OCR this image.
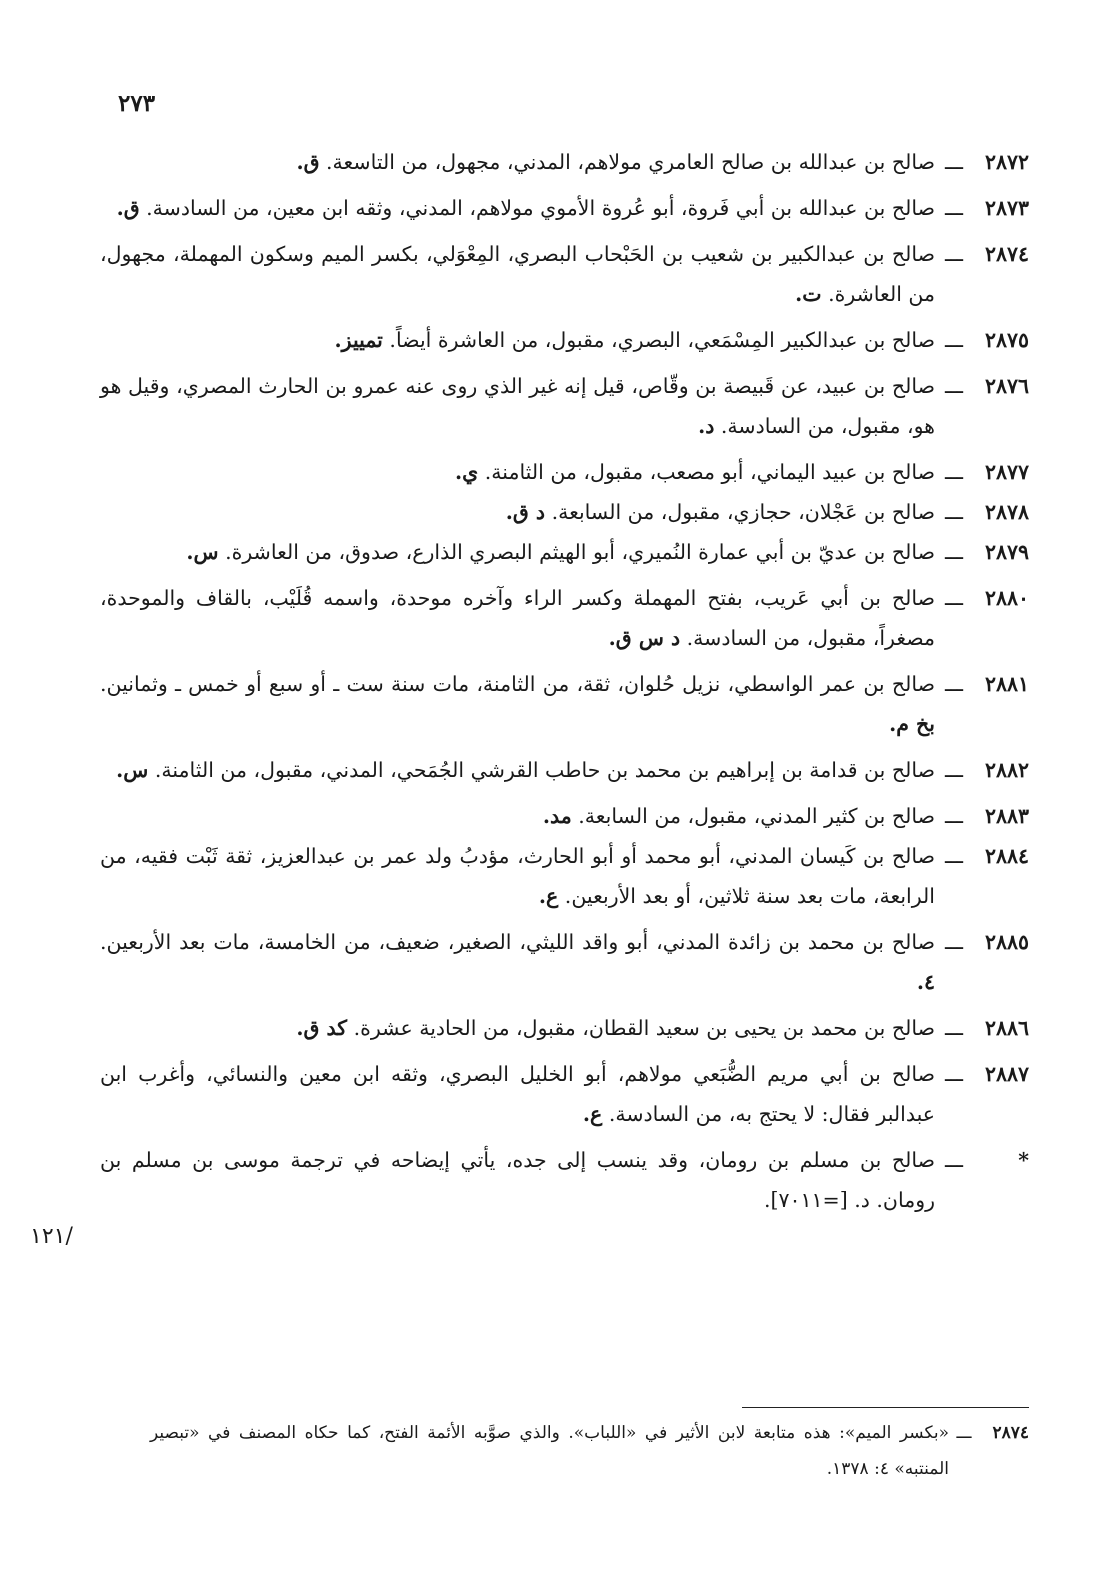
٢٧٣
١٢١/
٢٨٧٢
ـــ
صالح بن عبدالله بن صالح العامري مولاهم، المدني، مجهول، من التاسعة. ق.
٢٨٧٣
ـــ
صالح بن عبدالله بن أبي فَروة، أبو عُروة الأموي مولاهم، المدني، وثقه ابن معين، من السادسة. ق.
٢٨٧٤
ـــ
صالح بن عبدالكبير بن شعيب بن الحَبْحاب البصري، المِعْوَلي، بكسر الميم وسكون المهملة، مجهول، من العاشرة. ت.
٢٨٧٥
ـــ
صالح بن عبدالكبير المِسْمَعي، البصري، مقبول، من العاشرة أيضاً. تمييز.
٢٨٧٦
ـــ
صالح بن عبيد، عن قَبيصة بن وقّاص، قيل إنه غير الذي روى عنه عمرو بن الحارث المصري، وقيل هو هو، مقبول، من السادسة. د.
٢٨٧٧
ـــ
صالح بن عبيد اليماني، أبو مصعب، مقبول، من الثامنة. ي.
٢٨٧٨
ـــ
صالح بن عَجْلان، حجازي، مقبول، من السابعة. د ق.
٢٨٧٩
ـــ
صالح بن عديّ بن أبي عمارة النُميري، أبو الهيثم البصري الذارع، صدوق، من العاشرة. س.
٢٨٨٠
ـــ
صالح بن أبي عَريب، بفتح المهملة وكسر الراء وآخره موحدة، واسمه قُلَيْب، بالقاف والموحدة، مصغراً، مقبول، من السادسة. د س ق.
٢٨٨١
ـــ
صالح بن عمر الواسطي، نزيل حُلوان، ثقة، من الثامنة، مات سنة ست ـ أو سبع أو خمس ـ وثمانين. بخ م.
٢٨٨٢
ـــ
صالح بن قدامة بن إبراهيم بن محمد بن حاطب القرشي الجُمَحي، المدني، مقبول، من الثامنة. س.
٢٨٨٣
ـــ
صالح بن كثير المدني، مقبول، من السابعة. مد.
٢٨٨٤
ـــ
صالح بن كَيسان المدني، أبو محمد أو أبو الحارث، مؤدبُ ولد عمر بن عبدالعزيز، ثقة ثَبْت فقيه، من الرابعة، مات بعد سنة ثلاثين، أو بعد الأربعين. ع.
٢٨٨٥
ـــ
صالح بن محمد بن زائدة المدني، أبو واقد الليثي، الصغير، ضعيف، من الخامسة، مات بعد الأربعين. ٤.
٢٨٨٦
ـــ
صالح بن محمد بن يحيى بن سعيد القطان، مقبول، من الحادية عشرة. كد ق.
٢٨٨٧
ـــ
صالح بن أبي مريم الضُّبَعي مولاهم، أبو الخليل البصري، وثقه ابن معين والنسائي، وأغرب ابن عبدالبر فقال: لا يحتج به، من السادسة. ع.
*
ـــ
صالح بن مسلم بن رومان، وقد ينسب إلى جده، يأتي إيضاحه في ترجمة موسى بن مسلم بن رومان. د. [=٧٠١١].
٢٨٧٤
ـــ
«بكسر الميم»: هذه متابعة لابن الأثير في «اللباب». والذي صوَّبه الأئمة الفتح، كما حكاه المصنف في «تبصير المنتبه» ٤: ١٣٧٨.
